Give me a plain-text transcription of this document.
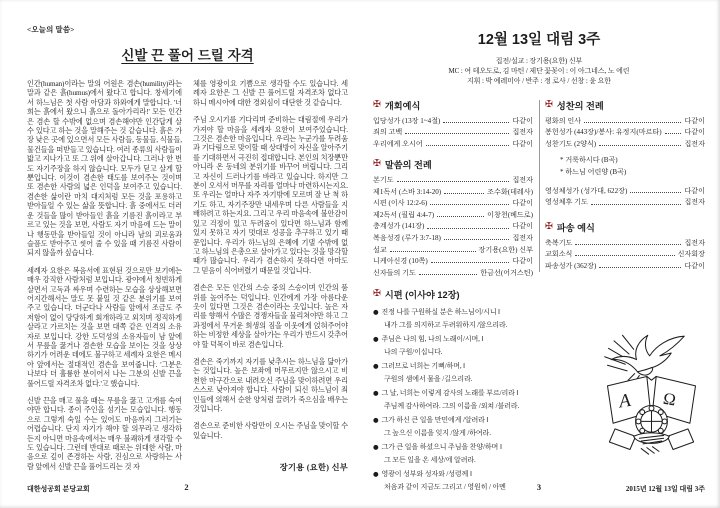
<오늘의 말씀>
신발 끈 풀어 드릴 자격

인간(human)이라는 말의 어원은 겸손(humility)라는 말과 같은 흙(humus)에서 왔다고 합니다. 창세기에서 하느님은 첫 사람 아담과 하와에게 말합니다. '너희는 흙에서 왔으니 흙으로 돌아가리라!' 모든 인간은 겸손 할 수밖에 없으며 겸손해야만 인간답게 살 수 있다고 하는 것을 말해주는 것 같습니다. 흙은 가장 낮은 곳에 있으면서 모든 사람들, 동물들, 식물들, 물건들을 떠받들고 있습니다. 여러 종류의 사람들이 밟고 지나가고 또 그 위에 살아갑니다. 그러나 한 번도 자기주장을 하지 않습니다. 모두가 딛고 살게 할 뿐입니다. 이것이 겸손한 태도를 보여주는 것이며 또 겸손한 사람의 넓은 인덕을 보여주고 있습니다. 겸손한 삶이란 마치 대지처럼 모든 것을 포용하고 받아들일 수 있는 삶을 뜻합니다. 흙 중에서도 더러운 것들을 많이 받아들인 흙을 기름진 흙이라고 부르고 있는 것을 보면, 사람도 자기 마음에 드는 말이나 행동만을 받아들일 것이 아니라 남의 괴로움과 슬픔도 받아주고 씻어 줄 수 있을 때 기름진 사람이 되지 않을까 싶습니다.

세례자 요한은 복음서에 표현된 것으로만 보기에는 매우 강직한 사람처럼 보입니다. 광야에서 청빈하게 살면서 고독과 싸우며 수련하는 모습을 상상해보면 어지간해서는 말도 못 붙일 것 같은 분위기를 보여주고 있습니다. 더군다나 사람들 앞에서 조금도 주저함이 없이 당당하게 회개하라고 외치며 정직하게 살라고 가르치는 것을 보면 대쪽 같은 인격의 소유자로 보입니다. 강한 도덕성의 소유자들이 남 앞에서 무릎을 꿇거나 겸손한 모습을 보이는 것을 상상하기가 어려운 데에도 불구하고 세례자 요한은 메시아 앞에서는 절대적인 겸손을 보여줍니다. '그분은 나보다 더 훌륭한 분이어서 나는 그분의 신발 끈을 풀어드릴 자격조차 없다.'고 했습니다.

신발 끈을 매고 풀을 때는 무릎을 꿇고 고개를 숙여야만 합니다. 종이 주인을 섬기는 모습입니다. 행동으로 그렇게 숙일 수는 있어도 마음까지 그러기는 어렵습니다. 단지 자기가 해야 할 의무라고 생각하든지 아니면 마음속에서는 매우 불쾌하게 생각할 수도 있습니다. 그런데 반대로 때로는 위대한 사람, 마음으로 깊이 존경하는 사람, 진심으로 사랑하는 사람 앞에서 신발 끈을 풀어드리는 것 자

체를 영광이요 기쁨으로 생각할 수도 있습니다. 세례자 요한은 그 신발 끈 풀어드릴 자격조차 없다고 하니 메시아에 대한 경외심이 대단한 것 같습니다.

주님 오시기를 기다리며 준비하는 대림절에 우리가 가져야 할 마음을 세례자 요한이 보여주었습니다. 그것은 겸손한 마음입니다. 우리는 누군가를 두려움과 기다림으로 맞이할 때 상대방이 자신을 알아주기를 기대하면서 극진히 접대합니다. 본인의 치장뿐만 아니라 온 동네의 분위기를 바꾸어 버립니다. 그리고 자신이 드러나기를 바라고 있습니다. 하지만 그분이 오셔서 머무를 자리를 얼마나 마련하시는지요. 또 우리는 얼마나 자주 자기밖에 모르며 잘 난 척 하기도 하고, 자기주장만 내세우며 다른 사람들을 지배하려고 하는지요. 그리고 우리 마음속에 불안감이 있고 걱정이 있고 두려움이 있다면 하느님과 함께 있지 못하고 자기 멋대로 성공을 추구하고 있기 때문입니다. 우리가 하느님의 은혜에 기댈 수밖에 없고 하느님의 은총으로 살아가고 있다는 것을 망각할 때가 많습니다. 우리가 겸손하지 못하다면 아마도 그 믿음이 식어버렸기 때문일 것입니다.

겸손은 모든 인간의 스승 중의 스승이며 인간의 품위를 높여주는 덕입니다. 인간에게 가장 아름다운 옷이 있다면 그것은 겸손이라는 옷입니다. 높은 자리를 향해서 수많은 경쟁자들을 물리쳐야만 하고 그 과정에서 무거운 희생의 짐을 이웃에게 얹혀주어야 하는 비정한 세상을 살아가는 우리가 반드시 갖추어야 할 덕목이 바로 겸손입니다.

겸손은 죽기까지 자기를 낮추시는 하느님을 닮아가는 것입니다. 높은 보좌에 머무르지만 않으시고 비천한 마구간으로 내려오신 주님을 맞이하려면 우리 스스로 낮아져야 합니다. 사람이 되신 하느님이 죄인들에 의해서 순한 양처럼 끌려가 죽으심을 배우는 것입니다.

겸손으로 준비한 사람만이 오시는 주님을 맞이할 수 있습니다.

장기용 (요한) 신부
대한성공회 분당교회	2
12월 13일 대림 3주
집전/설교 : 장기용(요한) 신부
MC : 여 테오도로, 김 마틴 / 제단 꽃꽂이 : 이 아그네스, 노 에린
지휘 : 박 예레미아 / 반주 : 정 로사 / 선창 : 윤 요한
✠ 개회예식
입당성가 (13장 1~4절)	다같이
죄의 고백	집전자
우리에게 오시어	다같이
✠ 말씀의 전례
본기도	집전자
제1독서 (스바 3:14-20)	조수화(데레사)
시편 (이사 12:2-6)	다같이
제2독서 (필립 4:4-7)	이창천(베드로)
층계성가 (141장)	다같이
복음성경 (루가 3:7-18)	집전자
설교	장기용(요한) 신부
니케아신경 (10쪽)	다같이
신자들의 기도	한금선(어거스틴)
✠ 시편 (이사야 12장)
● 진정 나를 구원하실 분은 하느님이/시니 ‖
내가 그를 의지하고 두려워하지 /않으리라.
● 주님은 나의 힘, 나의 노래이/시며, ‖
나의 구원/이십니다.
● 그러므로 너희는 기뻐/하며, ‖
구원의 샘에서 물을 /길으리라.
● 그 날, 너희는 이렇게 감사의 노래를 부르/리라 ‖
주님께 감사하여라. 그의 이름을 /외쳐 /불러라.
● 그가 하신 큰 일을 만민에게 /알려라 ‖
그 높으신 이름을 잊지 /않게 /하여라.
● 그가 큰 일을 하셨으니 주님을 찬양/하며 ‖
그 모든 일을 온 세상/에 알려라.
● 영광이 성부와 성자와 /성령께 ‖
처음과 같이 지금도 그리고 / 영원히 / 아멘
✠ 성찬의 전례
평화의 인사	다같이
봉헌성가 (443장)/봉사: 유정지(마르타)	다같이
성찬기도 (2양식)	집전자
* 거룩하시다 (B곡)
* 하느님 어린양 (B곡)
영성체성가 (성가대, 622장)	다같이
영성체후 기도	집전자
✠ 파송 예식
축복기도	집전자
교회소식	신자회장
파송성가 (362장)	다같이
A Ω
3	2015년 12월 13일 대림 3주
